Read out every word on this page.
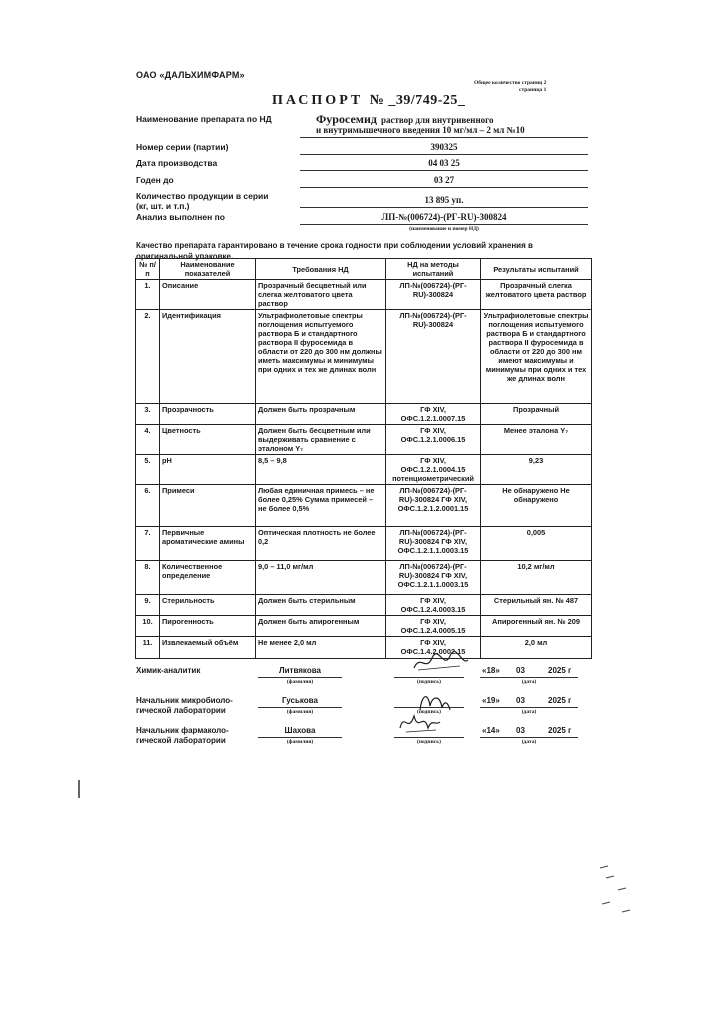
ОАО «ДАЛЬХИМФАРМ»
Общее количество страниц 2
страница 1
ПАСПОРТ № _39/749-25_
Наименование препарата по НД	Фуросемид раствор для внутривенного
и внутримышечного введения 10 мг/мл – 2 мл №10
Номер серии (партии)	390325
Дата производства	04 03 25
Годен до	03 27
Количество продукции в серии
(кг, шт. и т.п.)
13 895 уп.
Анализ выполнен по	ЛП-№(006724)-(РГ-RU)-300824
(наименование и номер НД)
Качество препарата гарантировано в течение срока годности при соблюдении условий хранения в оригинальной упаковке.
№ п/п	Наименование показателей	Требования НД	НД на методы испытаний	Результаты испытаний
1.	Описание	Прозрачный бесцветный или слегка желтоватого цвета раствор	ЛП-№(006724)-(РГ-RU)-300824	Прозрачный слегка желтоватого цвета раствор
2.	Идентификация	Ультрафиолетовые спектры поглощения испытуемого раствора Б и стандартного раствора II фуросемида в области от 220 до 300 нм должны иметь максимумы и минимумы при одних и тех же длинах волн	ЛП-№(006724)-(РГ-RU)-300824	Ультрафиолетовые спектры поглощения испытуемого раствора Б и стандартного раствора II фуросемида в области от 220 до 300 нм имеют максимумы и минимумы при одних и тех же длинах волн
3.	Прозрачность	Должен быть прозрачным	ГФ XIV, ОФС.1.2.1.0007.15	Прозрачный
4.	Цветность	Должен быть бесцветным или выдерживать сравнение с эталоном Y₇	ГФ XIV, ОФС.1.2.1.0006.15	Менее эталона Y₇
5.	pH	8,5 – 9,8	ГФ XIV, ОФС.1.2.1.0004.15 потенциометрический	9,23
6.	Примеси	Любая единичная примесь – не более 0,25% Сумма примесей – не более 0,5%	ЛП-№(006724)-(РГ-RU)-300824 ГФ XIV, ОФС.1.2.1.2.0001.15	Не обнаружено Не обнаружено
7.	Первичные ароматические амины	Оптическая плотность не более 0,2	ЛП-№(006724)-(РГ-RU)-300824 ГФ XIV, ОФС.1.2.1.1.0003.15	0,005
8.	Количественное определение	9,0 – 11,0 мг/мл	ЛП-№(006724)-(РГ-RU)-300824 ГФ XIV, ОФС.1.2.1.1.0003.15	10,2 мг/мл
9.	Стерильность	Должен быть стерильным	ГФ XIV, ОФС.1.2.4.0003.15	Стерильный ян. № 487
10.	Пирогенность	Должен быть апирогенным	ГФ XIV, ОФС.1.2.4.0005.15	Апирогенный ян. № 209
11.	Извлекаемый объём	Не менее 2,0 мл	ГФ XIV, ОФС.1.4.2.0002.15	2,0 мл
Химик-аналитик	Литвякова
(фамилия)	(подпись)
«18» 03	2025 г
(дата)
Начальник микробиоло-
гической лаборатории
Гуськова
(фамилия)	(подпись)
«19» 03	2025 г
(дата)
Начальник фармаколо-
гической лаборатории
Шахова
(фамилия)	(подпись)
«14» 03	2025 г
(дата)
